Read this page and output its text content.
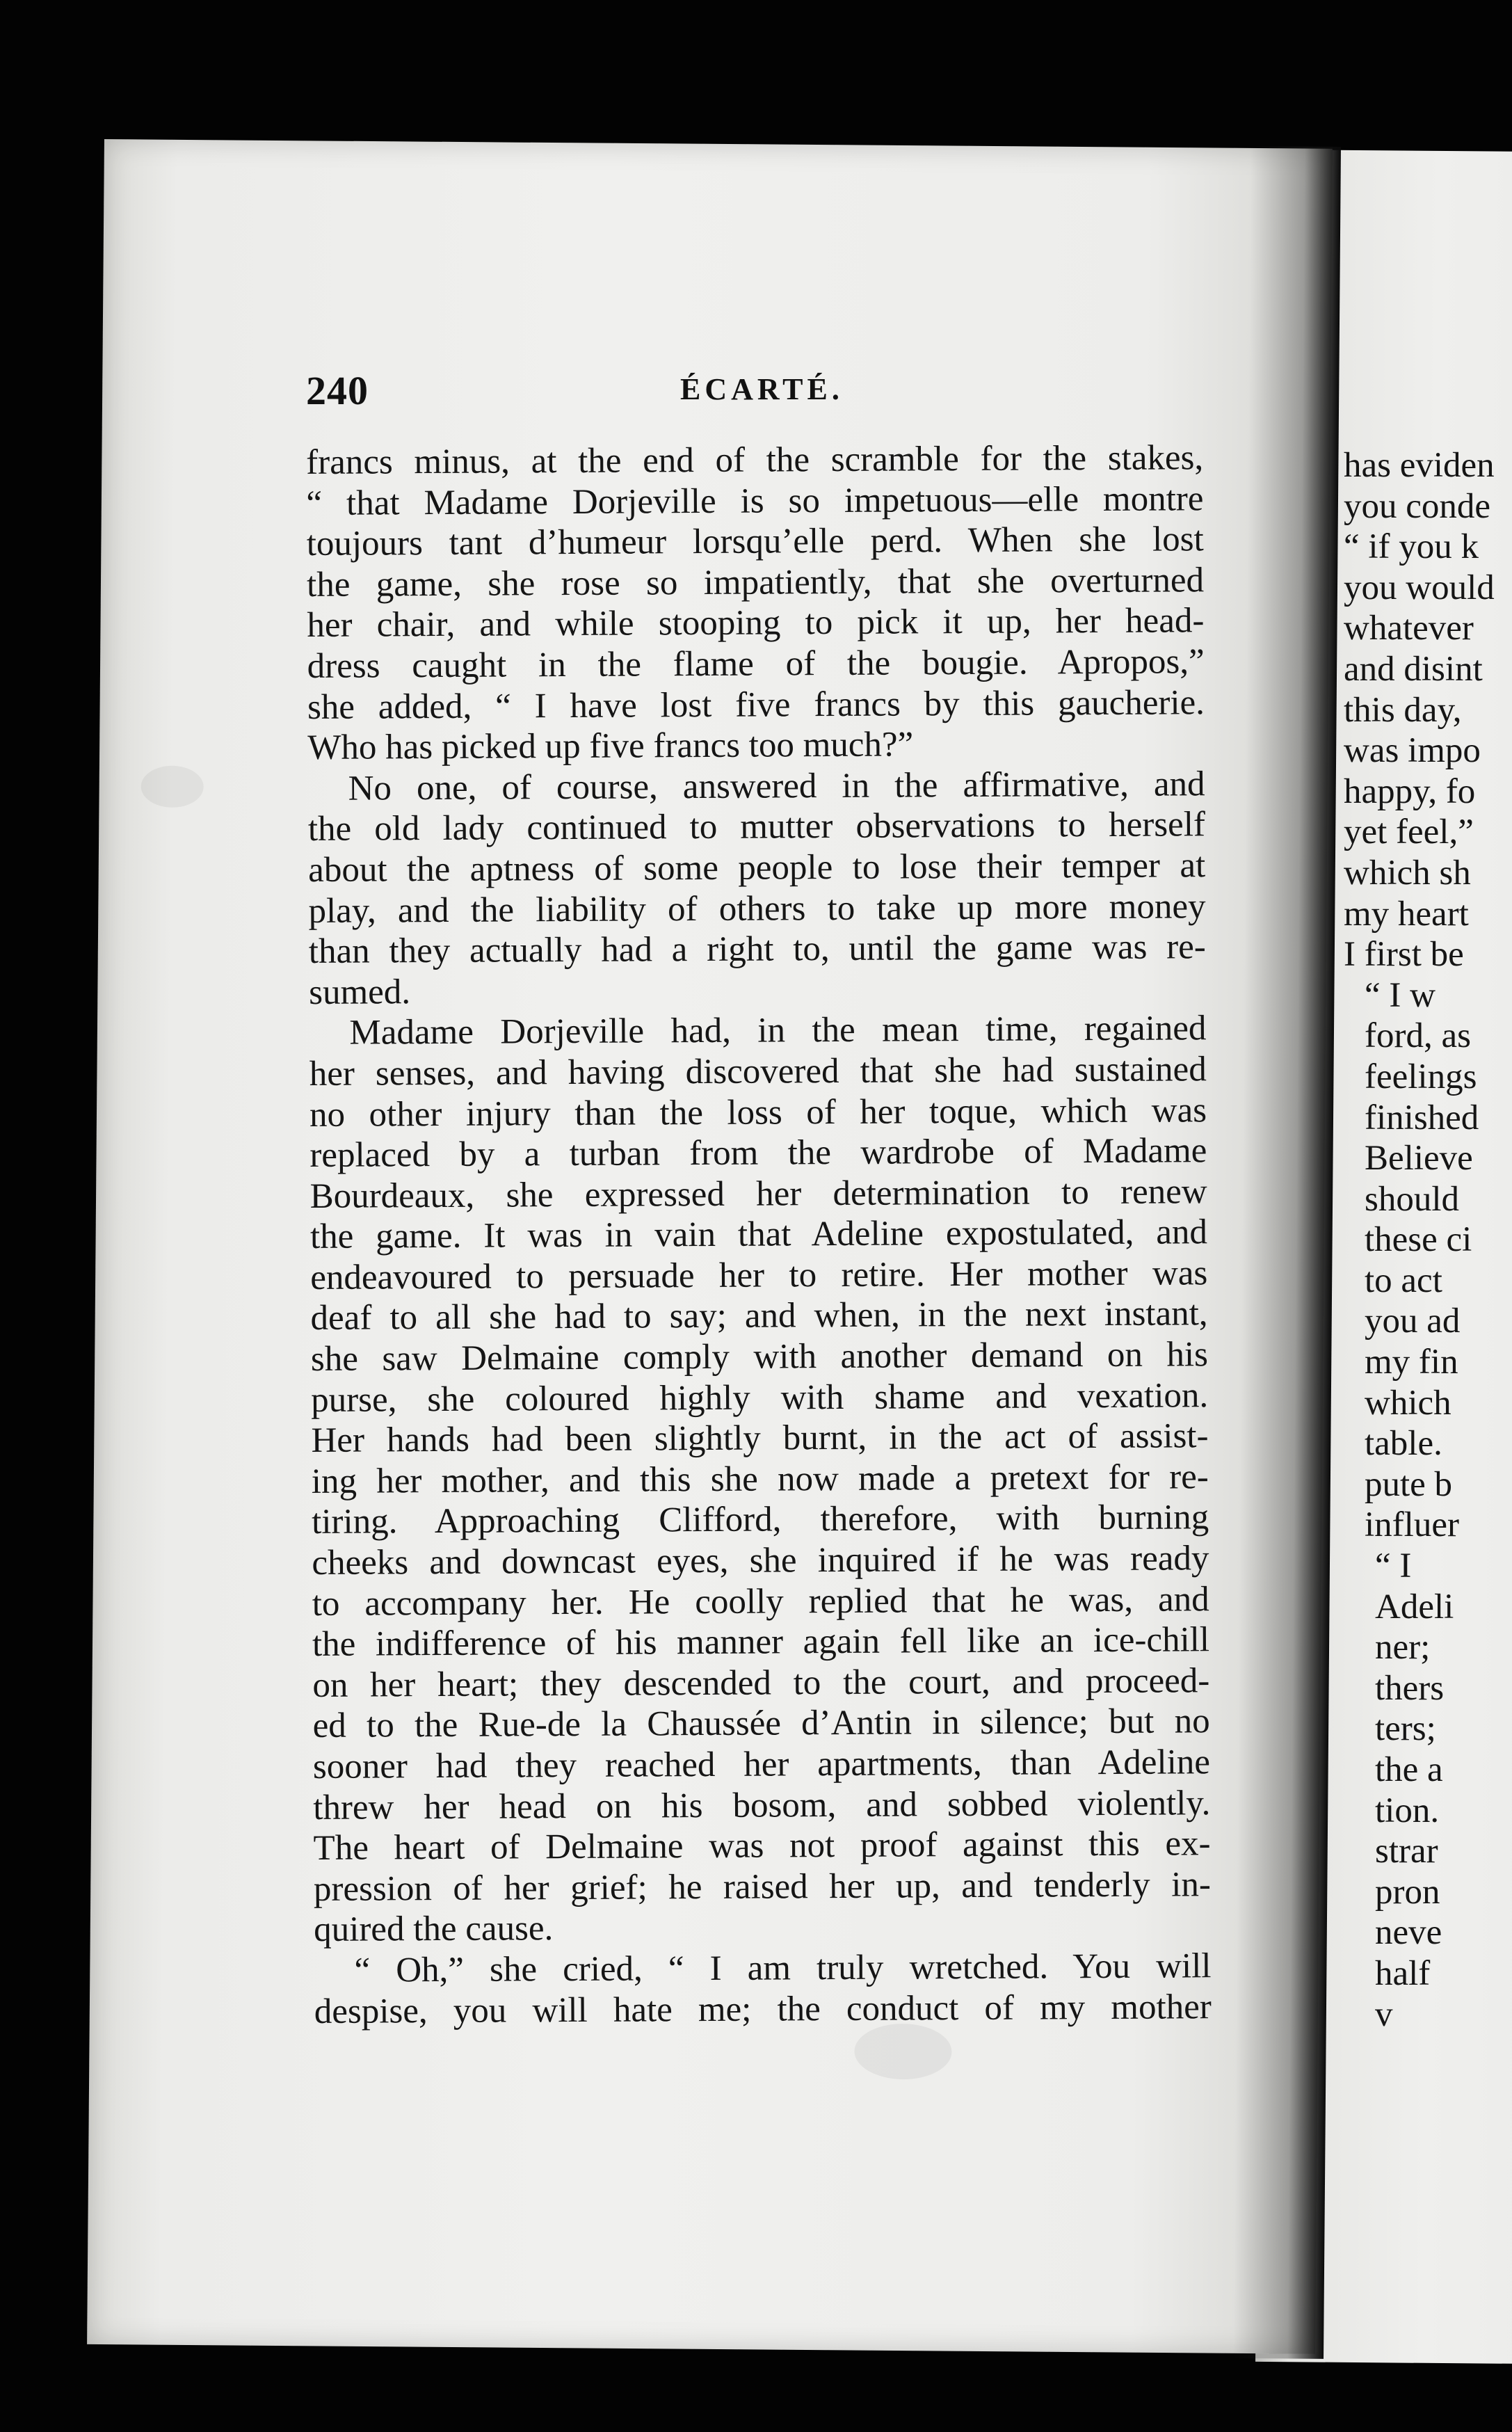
240	ÉCARTÉ.
francs minus, at the end of the scramble for the stakes,
“ that Madame Dorjeville is so impetuous—elle montre
toujours tant d’humeur lorsqu’elle perd. When she lost
the game, she rose so impatiently, that she overturned
her chair, and while stooping to pick it up, her head-
dress caught in the flame of the bougie. Apropos,”
she added, “ I have lost five francs by this gaucherie.
Who has picked up five francs too much?”
No one, of course, answered in the affirmative, and
the old lady continued to mutter observations to herself
about the aptness of some people to lose their temper at
play, and the liability of others to take up more money
than they actually had a right to, until the game was re-
sumed.
Madame Dorjeville had, in the mean time, regained
her senses, and having discovered that she had sustained
no other injury than the loss of her toque, which was
replaced by a turban from the wardrobe of Madame
Bourdeaux, she expressed her determination to renew
the game. It was in vain that Adeline expostulated, and
endeavoured to persuade her to retire. Her mother was
deaf to all she had to say; and when, in the next instant,
she saw Delmaine comply with another demand on his
purse, she coloured highly with shame and vexation.
Her hands had been slightly burnt, in the act of assist-
ing her mother, and this she now made a pretext for re-
tiring. Approaching Clifford, therefore, with burning
cheeks and downcast eyes, she inquired if he was ready
to accompany her. He coolly replied that he was, and
the indifference of his manner again fell like an ice-chill
on her heart; they descended to the court, and proceed-
ed to the Rue-de la Chaussée d’Antin in silence; but no
sooner had they reached her apartments, than Adeline
threw her head on his bosom, and sobbed violently.
The heart of Delmaine was not proof against this ex-
pression of her grief; he raised her up, and tenderly in-
quired the cause.
“ Oh,” she cried, “ I am truly wretched. You will
despise, you will hate me; the conduct of my mother
has eviden
you conde
“ if you k
you would
whatever
and disint
this day,
was impo
happy, fo
yet feel,”
which sh
my heart
I first be
“ I w
ford, as
feelings
finished
Believe
should
these ci
to act
you ad
my fin
which
table.
pute b
influer
“ I
Adeli
ner;
thers
ters;
the a
tion.
strar
pron
neve
half
v
